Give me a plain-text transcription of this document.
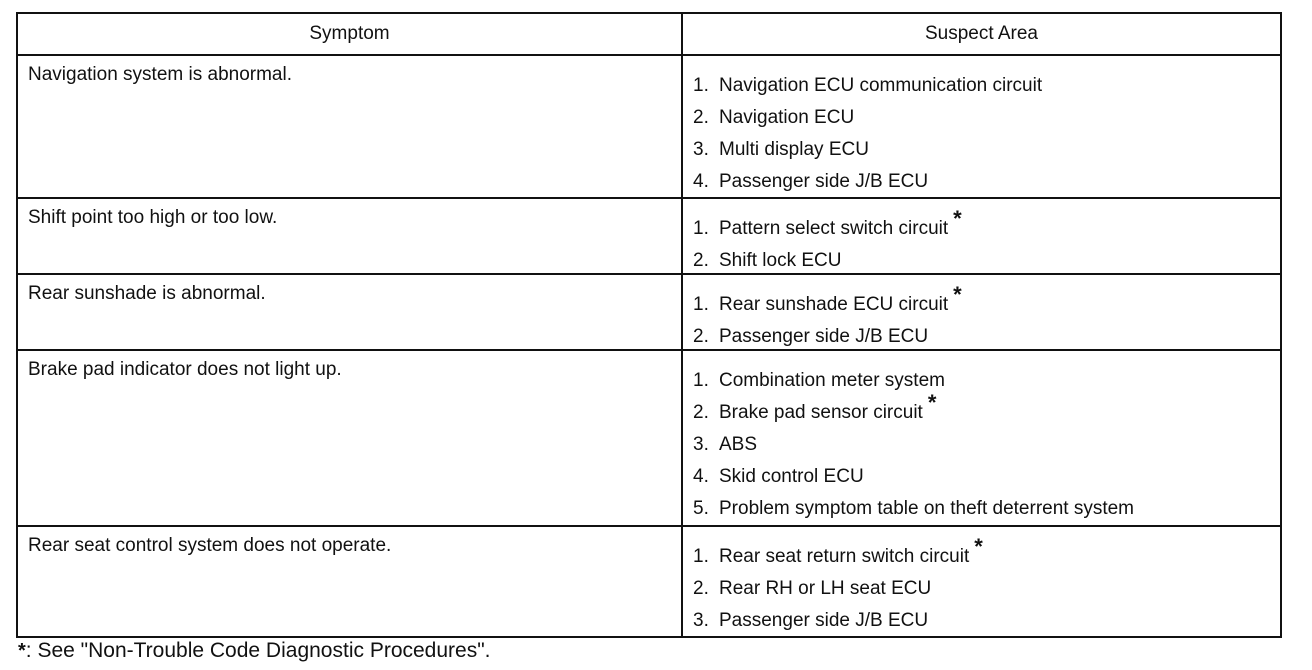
Symptom	Suspect Area
Navigation system is abnormal.
1. Navigation ECU communication circuit
2. Navigation ECU
3. Multi display ECU
4. Passenger side J/B ECU
Shift point too high or too low.
1. Pattern select switch circuit *
2. Shift lock ECU
Rear sunshade is abnormal.
1. Rear sunshade ECU circuit *
2. Passenger side J/B ECU
Brake pad indicator does not light up.
1. Combination meter system
2. Brake pad sensor circuit *
3. ABS
4. Skid control ECU
5. Problem symptom table on theft deterrent system
Rear seat control system does not operate.
1. Rear seat return switch circuit *
2. Rear RH or LH seat ECU
3. Passenger side J/B ECU
*: See "Non-Trouble Code Diagnostic Procedures".
